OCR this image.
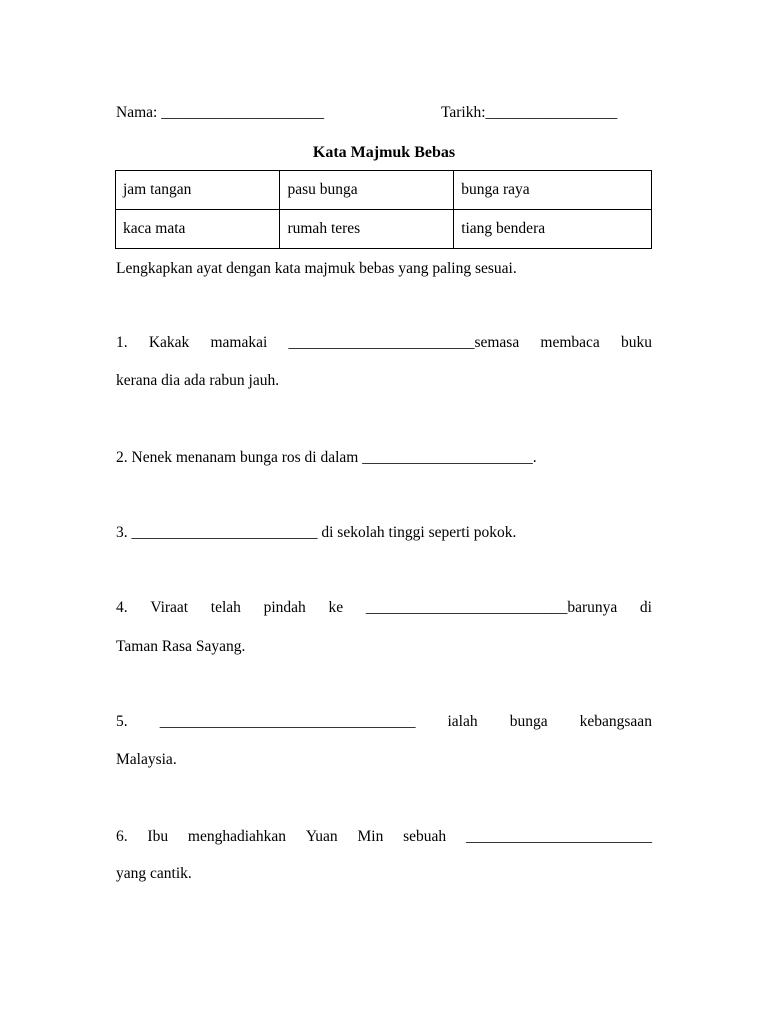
Nama: _____________________	Tarikh:_________________
Kata Majmuk Bebas
jam tangan	pasu bunga	bunga raya
kaca mata	rumah teres	tiang bendera
Lengkapkan ayat dengan kata majmuk bebas yang paling sesuai.
1. Kakak mamakai ________________________semasa membaca buku
kerana dia ada rabun jauh.
2. Nenek menanam bunga ros di dalam ______________________.
3. ________________________ di sekolah tinggi seperti pokok.
4. Viraat telah pindah ke __________________________barunya di
Taman Rasa Sayang.
5. _________________________________ ialah bunga kebangsaan
Malaysia.
6. Ibu menghadiahkan Yuan Min sebuah ________________________
yang cantik.
